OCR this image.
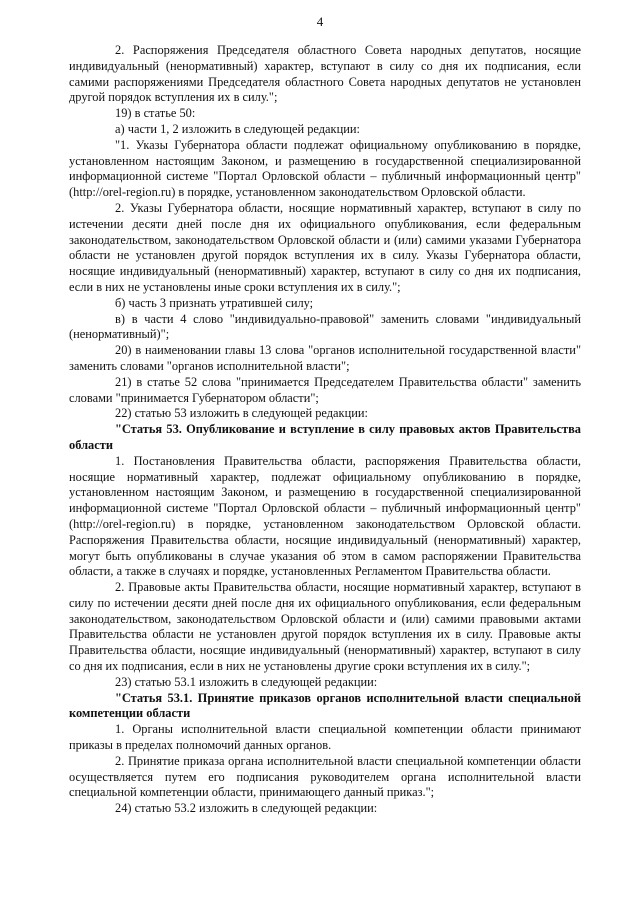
4

2. Распоряжения Председателя областного Совета народных депутатов, носящие индивидуальный (ненормативный) характер, вступают в силу со дня их подписания, если самими распоряжениями Председателя областного Совета народных депутатов не установлен другой порядок вступления их в силу.";

19) в статье 50:

а) части 1, 2 изложить в следующей редакции:

"1. Указы Губернатора области подлежат официальному опубликованию в порядке, установленном настоящим Законом, и размещению в государственной специализированной информационной системе "Портал Орловской области – публичный информационный центр" (http://orel-region.ru) в порядке, установленном законодательством Орловской области.

2. Указы Губернатора области, носящие нормативный характер, вступают в силу по истечении десяти дней после дня их официального опубликования, если федеральным законодательством, законодательством Орловской области и (или) самими указами Губернатора области не установлен другой порядок вступления их в силу. Указы Губернатора области, носящие индивидуальный (ненормативный) характер, вступают в силу со дня их подписания, если в них не установлены иные сроки вступления их в силу.";

б) часть 3 признать утратившей силу;

в) в части 4 слово "индивидуально-правовой" заменить словами "индивидуальный (ненормативный)";

20) в наименовании главы 13 слова "органов исполнительной государственной власти" заменить словами "органов исполнительной власти";

21) в статье 52 слова "принимается Председателем Правительства области" заменить словами "принимается Губернатором области";

22) статью 53 изложить в следующей редакции:

"Статья 53. Опубликование и вступление в силу правовых актов Правительства области

1. Постановления Правительства области, распоряжения Правительства области, носящие нормативный характер, подлежат официальному опубликованию в порядке, установленном настоящим Законом, и размещению в государственной специализированной информационной системе "Портал Орловской области – публичный информационный центр" (http://orel-region.ru) в порядке, установленном законодательством Орловской области. Распоряжения Правительства области, носящие индивидуальный (ненормативный) характер, могут быть опубликованы в случае указания об этом в самом распоряжении Правительства области, а также в случаях и порядке, установленных Регламентом Правительства области.

2. Правовые акты Правительства области, носящие нормативный характер, вступают в силу по истечении десяти дней после дня их официального опубликования, если федеральным законодательством, законодательством Орловской области и (или) самими правовыми актами Правительства области не установлен другой порядок вступления их в силу. Правовые акты Правительства области, носящие индивидуальный (ненормативный) характер, вступают в силу со дня их подписания, если в них не установлены другие сроки вступления их в силу.";

23) статью 53.1 изложить в следующей редакции:

"Статья 53.1. Принятие приказов органов исполнительной власти специальной компетенции области

1. Органы исполнительной власти специальной компетенции области принимают приказы в пределах полномочий данных органов.

2. Принятие приказа органа исполнительной власти специальной компетенции области осуществляется путем его подписания руководителем органа исполнительной власти специальной компетенции области, принимающего данный приказ.";

24) статью 53.2 изложить в следующей редакции:
